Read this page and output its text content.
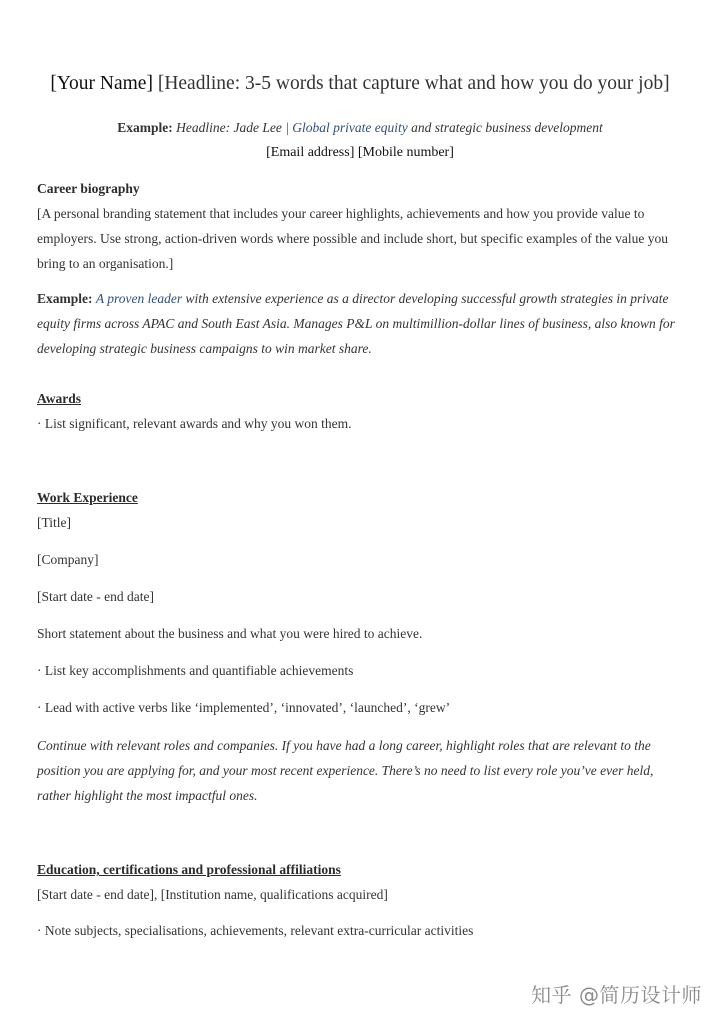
[Your Name] [Headline: 3-5 words that capture what and how you do your job]
Example: Headline: Jade Lee | Global private equity and strategic business development
[Email address] [Mobile number]
Career biography
[A personal branding statement that includes your career highlights, achievements and how you provide value to employers. Use strong, action-driven words where possible and include short, but specific examples of the value you bring to an organisation.]
Example: A proven leader with extensive experience as a director developing successful growth strategies in private equity firms across APAC and South East Asia. Manages P&L on multimillion-dollar lines of business, also known for developing strategic business campaigns to win market share.
Awards
· List significant, relevant awards and why you won them.
Work Experience
[Title]
[Company]
[Start date - end date]
Short statement about the business and what you were hired to achieve.
· List key accomplishments and quantifiable achievements
· Lead with active verbs like ‘implemented’, ‘innovated’, ‘launched’, ‘grew’
Continue with relevant roles and companies. If you have had a long career, highlight roles that are relevant to the position you are applying for, and your most recent experience. There’s no need to list every role you’ve ever held, rather highlight the most impactful ones.
Education, certifications and professional affiliations
[Start date - end date], [Institution name, qualifications acquired]
· Note subjects, specialisations, achievements, relevant extra-curricular activities
知乎 @简历设计师
